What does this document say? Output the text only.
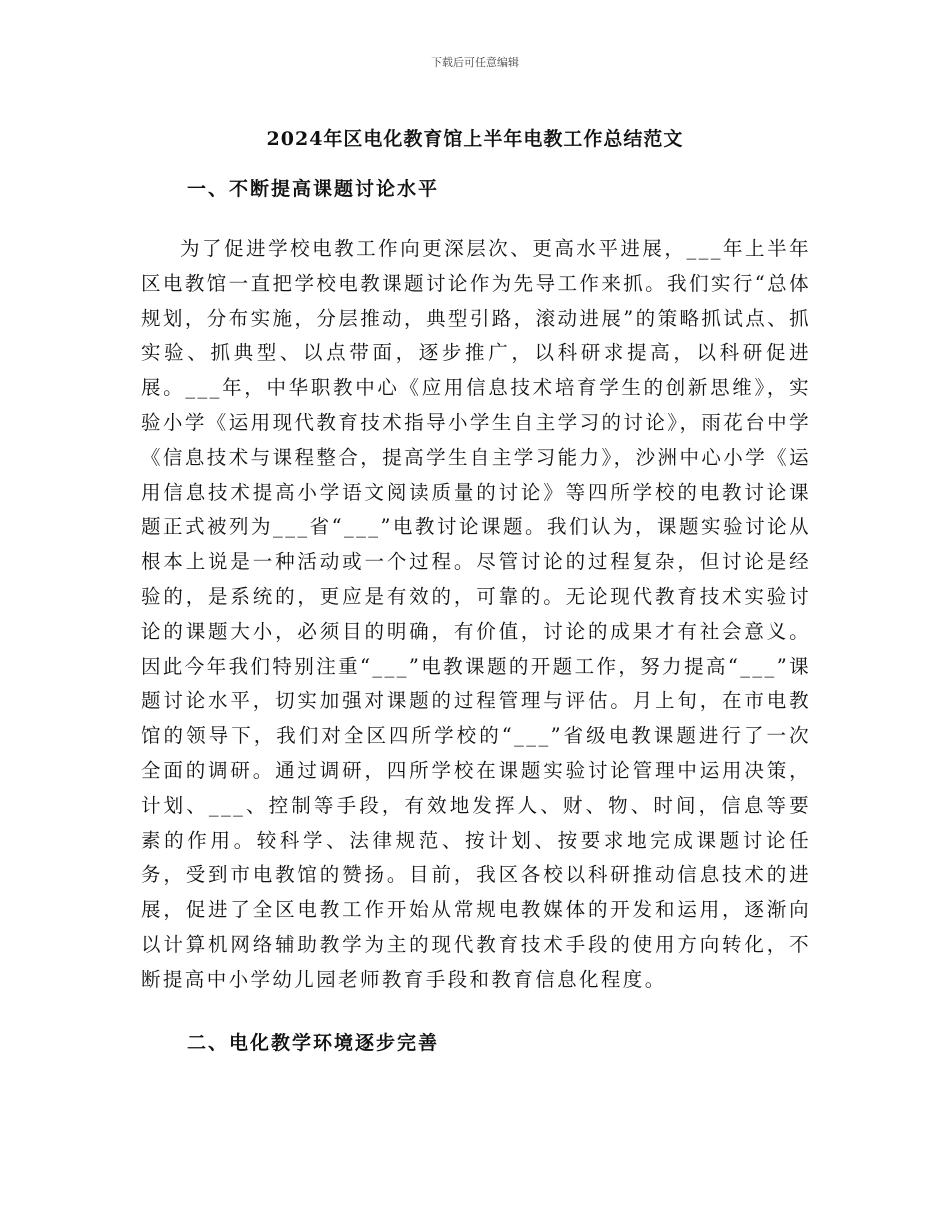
下载后可任意编辑
2024年区电化教育馆上半年电教工作总结范文
一、不断提高课题讨论水平

为了促进学校电教工作向更深层次、更高水平进展，___年上半年区电教馆一直把学校电教课题讨论作为先导工作来抓。我们实行“总体规划，分布实施，分层推动，典型引路，滚动进展”的策略抓试点、抓实验、抓典型、以点带面，逐步推广，以科研求提高，以科研促进展。___年，中华职教中心《应用信息技术培育学生的创新思维》，实验小学《运用现代教育技术指导小学生自主学习的讨论》，雨花台中学《信息技术与课程整合，提高学生自主学习能力》，沙洲中心小学《运用信息技术提高小学语文阅读质量的讨论》等四所学校的电教讨论课题正式被列为___省“___”电教讨论课题。我们认为，课题实验讨论从根本上说是一种活动或一个过程。尽管讨论的过程复杂，但讨论是经验的，是系统的，更应是有效的，可靠的。无论现代教育技术实验讨论的课题大小，必须目的明确，有价值，讨论的成果才有社会意义。因此今年我们特别注重“___”电教课题的开题工作，努力提高“___”课题讨论水平，切实加强对课题的过程管理与评估。月上旬，在市电教馆的领导下，我们对全区四所学校的“___”省级电教课题进行了一次全面的调研。通过调研，四所学校在课题实验讨论管理中运用决策，计划、___、控制等手段，有效地发挥人、财、物、时间，信息等要素的作用。较科学、法律规范、按计划、按要求地完成课题讨论任务，受到市电教馆的赞扬。目前，我区各校以科研推动信息技术的进展，促进了全区电教工作开始从常规电教媒体的开发和运用，逐渐向以计算机网络辅助教学为主的现代教育技术手段的使用方向转化，不断提高中小学幼儿园老师教育手段和教育信息化程度。

二、电化教学环境逐步完善
